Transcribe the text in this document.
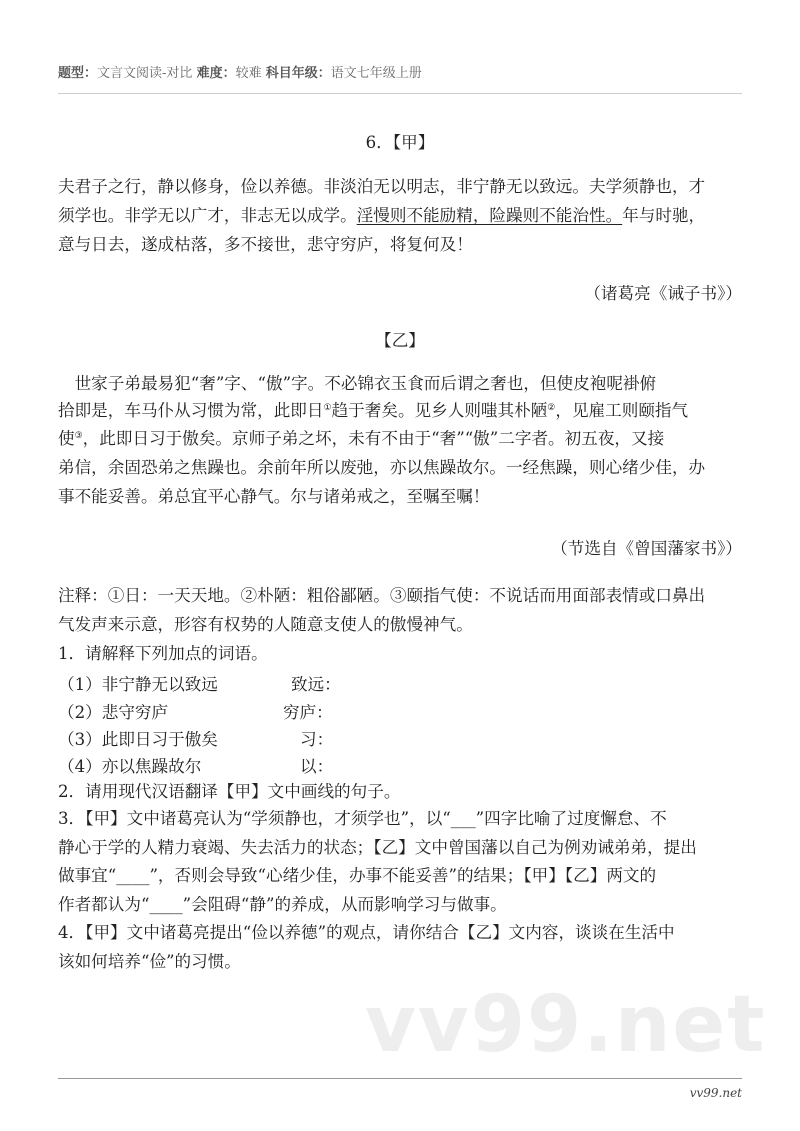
题型：文言文阅读-对比 难度：较难 科目年级：语文七年级上册
6．【甲】
夫君子之行，静以修身，俭以养德。非淡泊无以明志，非宁静无以致远。夫学须静也，才
须学也。非学无以广才，非志无以成学。淫慢则不能励精，险躁则不能治性。年与时驰，
意与日去，遂成枯落，多不接世，悲守穷庐，将复何及！
（诸葛亮《诫子书》）
【乙】
　世家子弟最易犯“奢”字、“傲”字。不必锦衣玉食而后谓之奢也，但使皮袍呢褂俯
拾即是，车马仆从习惯为常，此即日①趋于奢矣。见乡人则嗤其朴陋②，见雇工则颐指气
使③，此即日习于傲矣。京师子弟之坏，未有不由于“奢”“傲”二字者。初五夜，又接
弟信，余固恐弟之焦躁也。余前年所以废弛，亦以焦躁故尔。一经焦躁，则心绪少佳，办
事不能妥善。弟总宜平心静气。尔与诸弟戒之，至嘱至嘱！
（节选自《曾国藩家书》）
注释：①日：一天天地。②朴陋：粗俗鄙陋。③颐指气使：不说话而用面部表情或口鼻出
气发声来示意，形容有权势的人随意支使人的傲慢神气。
1．请解释下列加点的词语。
（1）非宁静无以致远	致远：
（2）悲守穷庐	穷庐：
（3）此即日习于傲矣	习：
（4）亦以焦躁故尔	以：
2．请用现代汉语翻译【甲】文中画线的句子。
3．【甲】文中诸葛亮认为“学须静也，才须学也”，以“___”四字比喻了过度懈怠、不
静心于学的人精力衰竭、失去活力的状态；【乙】文中曾国藩以自己为例劝诫弟弟，提出
做事宜“____”，否则会导致“心绪少佳，办事不能妥善”的结果；【甲】【乙】两文的
作者都认为“____”会阻碍“静”的养成，从而影响学习与做事。
4．【甲】文中诸葛亮提出“俭以养德”的观点，请你结合【乙】文内容，谈谈在生活中
该如何培养“俭”的习惯。
vv99.net
vv99.net
